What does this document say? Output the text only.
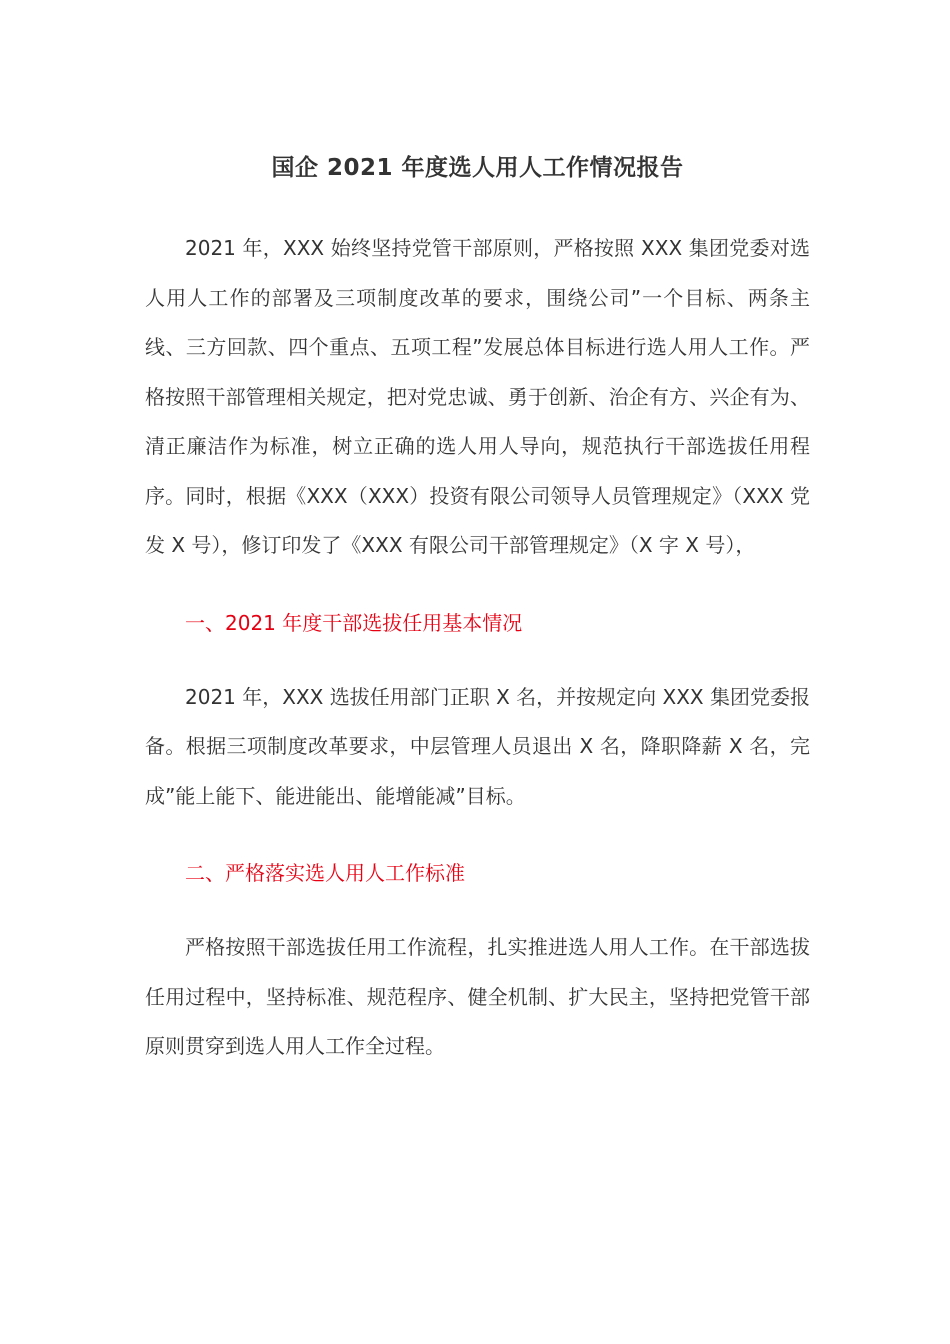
国企 2021 年度选人用人工作情况报告

2021 年，XXX 始终坚持党管干部原则，严格按照 XXX 集团党委对选人用人工作的部署及三项制度改革的要求，围绕公司”一个目标、两条主线、三方回款、四个重点、五项工程”发展总体目标进行选人用人工作。严格按照干部管理相关规定，把对党忠诚、勇于创新、治企有方、兴企有为、清正廉洁作为标准，树立正确的选人用人导向，规范执行干部选拔任用程序。同时，根据《XXX（XXX）投资有限公司领导人员管理规定》（XXX 党发 X 号），修订印发了《XXX 有限公司干部管理规定》（X 字 X 号），

一、2021 年度干部选拔任用基本情况

2021 年，XXX 选拔任用部门正职 X 名，并按规定向 XXX 集团党委报备。根据三项制度改革要求，中层管理人员退出 X 名，降职降薪 X 名，完成”能上能下、能进能出、能增能减”目标。

二、严格落实选人用人工作标准

严格按照干部选拔任用工作流程，扎实推进选人用人工作。在干部选拔任用过程中，坚持标准、规范程序、健全机制、扩大民主，坚持把党管干部原则贯穿到选人用人工作全过程。
